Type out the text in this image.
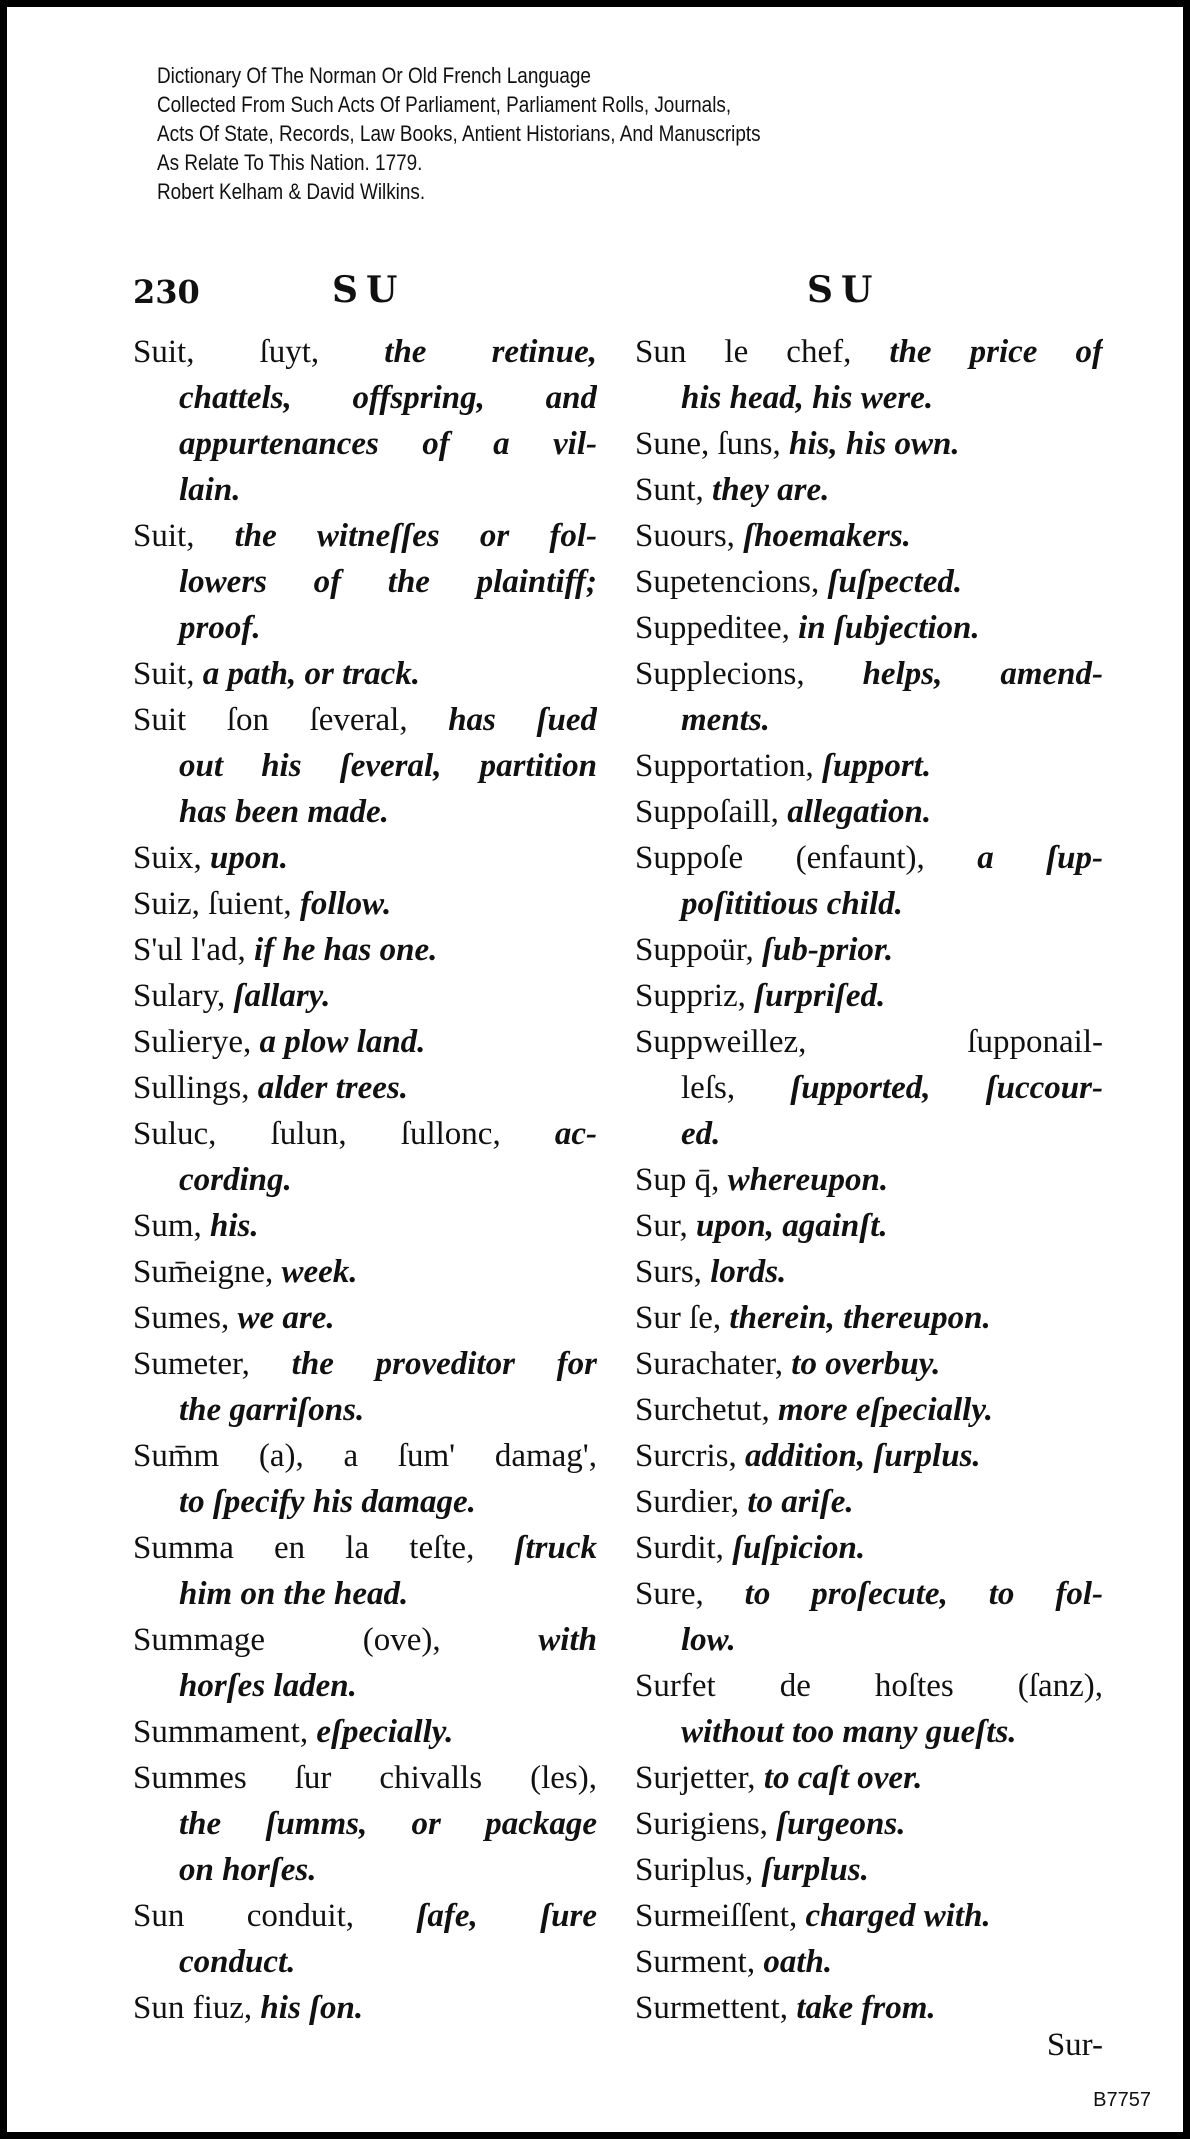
Dictionary Of The Norman Or Old French Language
Collected From Such Acts Of Parliament, Parliament Rolls, Journals,
Acts Of State, Records, Law Books, Antient Historians, And Manuscripts
As Relate To This Nation. 1779.
Robert Kelham & David Wilkins.
230	SU	SU
Suit, ſuyt, the retinue,
chattels, offspring, and
appurtenances of a vil-
lain.
Suit, the witneſſes or fol-
lowers of the plaintiff;
proof.
Suit, a path, or track.
Suit ſon ſeveral, has ſued
out his ſeveral, partition
has been made.
Suix, upon.
Suiz, ſuient, follow.
S'ul l'ad, if he has one.
Sulary, ſallary.
Sulierye, a plow land.
Sullings, alder trees.
Suluc, ſulun, ſullonc, ac-
cording.
Sum, his.
Sum̄eigne, week.
Sumes, we are.
Sumeter, the proveditor for
the garriſons.
Sum̄m (a), a ſum' damag',
to ſpecify his damage.
Summa en la teſte, ſtruck
him on the head.
Summage (ove), with
horſes laden.
Summament, eſpecially.
Summes ſur chivalls (les),
the ſumms, or package
on horſes.
Sun conduit, ſafe, ſure
conduct.
Sun fiuz, his ſon.
Sun le chef, the price of
his head, his were.
Sune, ſuns, his, his own.
Sunt, they are.
Suours, ſhoemakers.
Supetencions, ſuſpected.
Suppeditee, in ſubjection.
Supplecions, helps, amend-
ments.
Supportation, ſupport.
Suppoſaill, allegation.
Suppoſe (enfaunt), a ſup-
poſititious child.
Suppoür, ſub-prior.
Suppriz, ſurpriſed.
Suppweillez, ſupponail-
leſs, ſupported, ſuccour-
ed.
Sup q̄, whereupon.
Sur, upon, againſt.
Surs, lords.
Sur ſe, therein, thereupon.
Surachater, to overbuy.
Surchetut, more eſpecially.
Surcris, addition, ſurplus.
Surdier, to ariſe.
Surdit, ſuſpicion.
Sure, to proſecute, to fol-
low.
Surfet de hoſtes (ſanz),
without too many gueſts.
Surjetter, to caſt over.
Surigiens, ſurgeons.
Suriplus, ſurplus.
Surmeiſſent, charged with.
Surment, oath.
Surmettent, take from.
Sur-
B7757
